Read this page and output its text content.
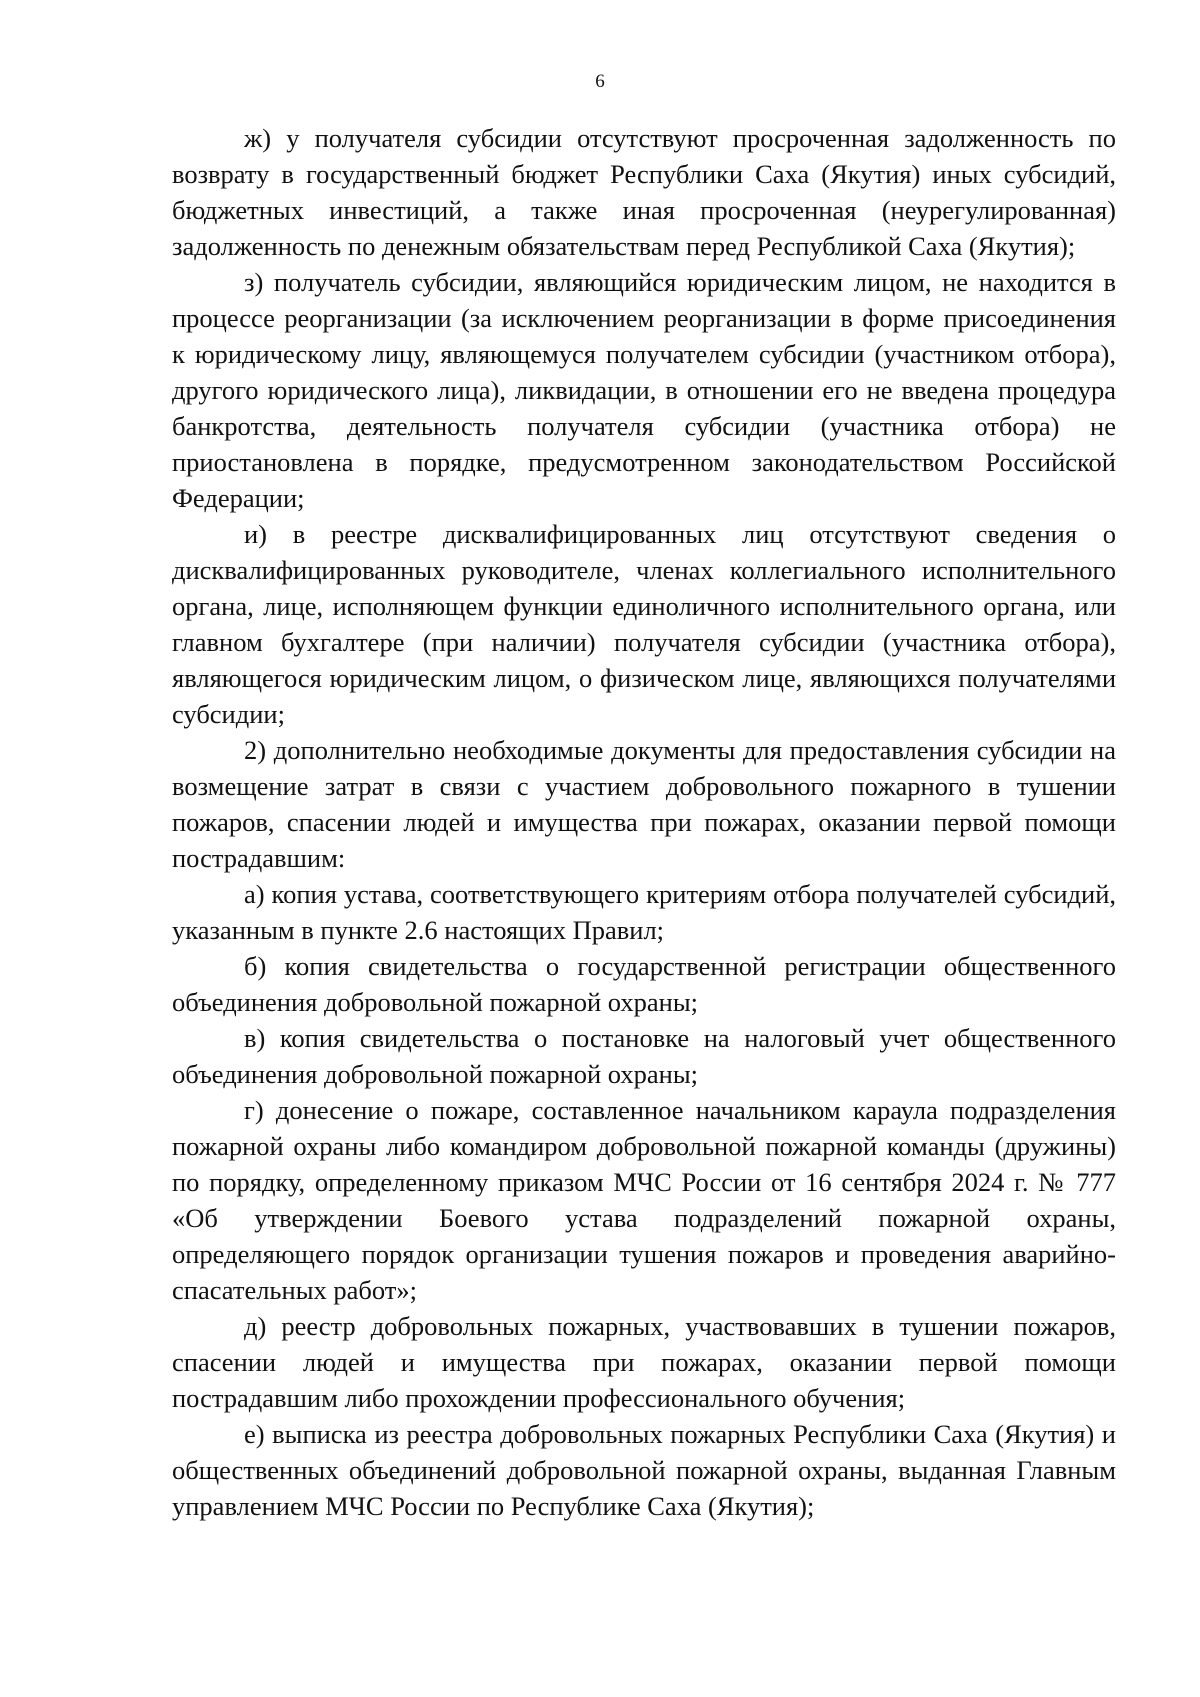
6

ж) у получателя субсидии отсутствуют просроченная задолженность по возврату в государственный бюджет Республики Саха (Якутия) иных субсидий, бюджетных инвестиций, а также иная просроченная (неурегулированная) задолженность по денежным обязательствам перед Республикой Саха (Якутия);

з) получатель субсидии, являющийся юридическим лицом, не находится в процессе реорганизации (за исключением реорганизации в форме присоединения к юридическому лицу, являющемуся получателем субсидии (участником отбора), другого юридического лица), ликвидации, в отношении его не введена процедура банкротства, деятельность получателя субсидии (участника отбора) не приостановлена в порядке, предусмотренном законодательством Российской Федерации;

и) в реестре дисквалифицированных лиц отсутствуют сведения о дисквалифицированных руководителе, членах коллегиального исполнительного органа, лице, исполняющем функции единоличного исполнительного органа, или главном бухгалтере (при наличии) получателя субсидии (участника отбора), являющегося юридическим лицом, о физическом лице, являющихся получателями субсидии;

2) дополнительно необходимые документы для предоставления субсидии на возмещение затрат в связи с участием добровольного пожарного в тушении пожаров, спасении людей и имущества при пожарах, оказании первой помощи пострадавшим:

а) копия устава, соответствующего критериям отбора получателей субсидий, указанным в пункте 2.6 настоящих Правил;

б) копия свидетельства о государственной регистрации общественного объединения добровольной пожарной охраны;

в) копия свидетельства о постановке на налоговый учет общественного объединения добровольной пожарной охраны;

г) донесение о пожаре, составленное начальником караула подразделения пожарной охраны либо командиром добровольной пожарной команды (дружины) по порядку, определенному приказом МЧС России от 16 сентября 2024 г. № 777 «Об утверждении Боевого устава подразделений пожарной охраны, определяющего порядок организации тушения пожаров и проведения аварийно-спасательных работ»;

д) реестр добровольных пожарных, участвовавших в тушении пожаров, спасении людей и имущества при пожарах, оказании первой помощи пострадавшим либо прохождении профессионального обучения;

е) выписка из реестра добровольных пожарных Республики Саха (Якутия) и общественных объединений добровольной пожарной охраны, выданная Главным управлением МЧС России по Республике Саха (Якутия);
